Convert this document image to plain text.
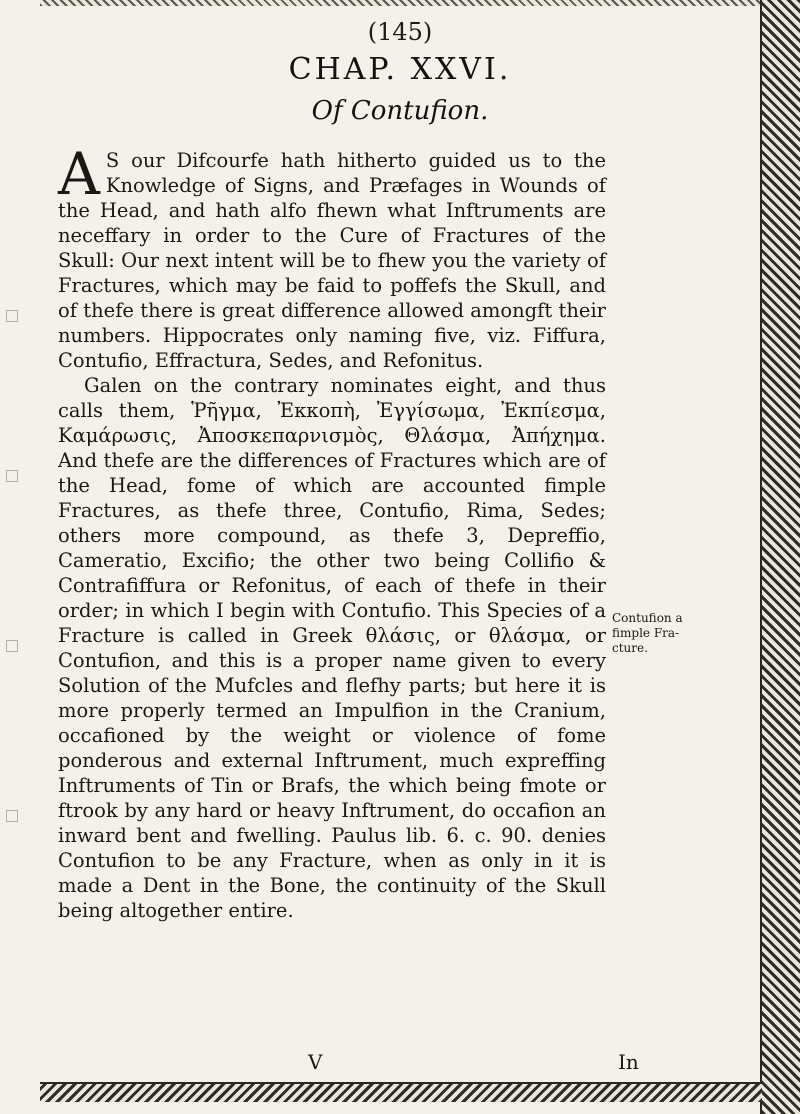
(145)
CHAP. XXVI.
Of Contufion.

A S our Difcourfe hath hitherto guided us to the Knowledge of Signs, and Præfages in Wounds of the Head, and hath alfo fhewn what Inftruments are neceffary in order to the Cure of Fractures of the Skull: Our next intent will be to fhew you the variety of Fractures, which may be faid to poffefs the Skull, and of thefe there is great difference allowed amongft their numbers. Hippocrates only naming five, viz. Fiffura, Contufio, Effractura, Sedes, and Refonitus.

Galen on the contrary nominates eight, and thus calls them, Ῥῆγμα, Ἐκκοπὴ, Ἐγγίσωμα, Ἐκπίεσμα, Καμάρωσις, Ἀποσκεπαρνισμὸς, Θλάσμα, Ἀπήχημα. And thefe are the differences of Fractures which are of the Head, fome of which are accounted fimple Fractures, as thefe three, Contufio, Rima, Sedes; others more compound, as thefe 3, Depreffio, Cameratio, Excifio; the other two being Collifio & Contrafiffura or Refonitus, of each of thefe in their order; in which I begin with Contufio. This Species of a Fracture is called in Greek θλάσις, or θλάσμα, or Contufion, and this is a proper name given to every Solution of the Mufcles and flefhy parts; but here it is more properly termed an Impulfion in the Cranium, occafioned by the weight or violence of fome ponderous and external Inftrument, much expreffing Inftruments of Tin or Brafs, the which being fmote or ftrook by any hard or heavy Inftrument, do occafion an inward bent and fwelling. Paulus lib. 6. c. 90. denies Contufion to be any Fracture, when as only in it is made a Dent in the Bone, the continuity of the Skull being altogether entire.

Contufion a
fimple Fra-
cture.
V	In
